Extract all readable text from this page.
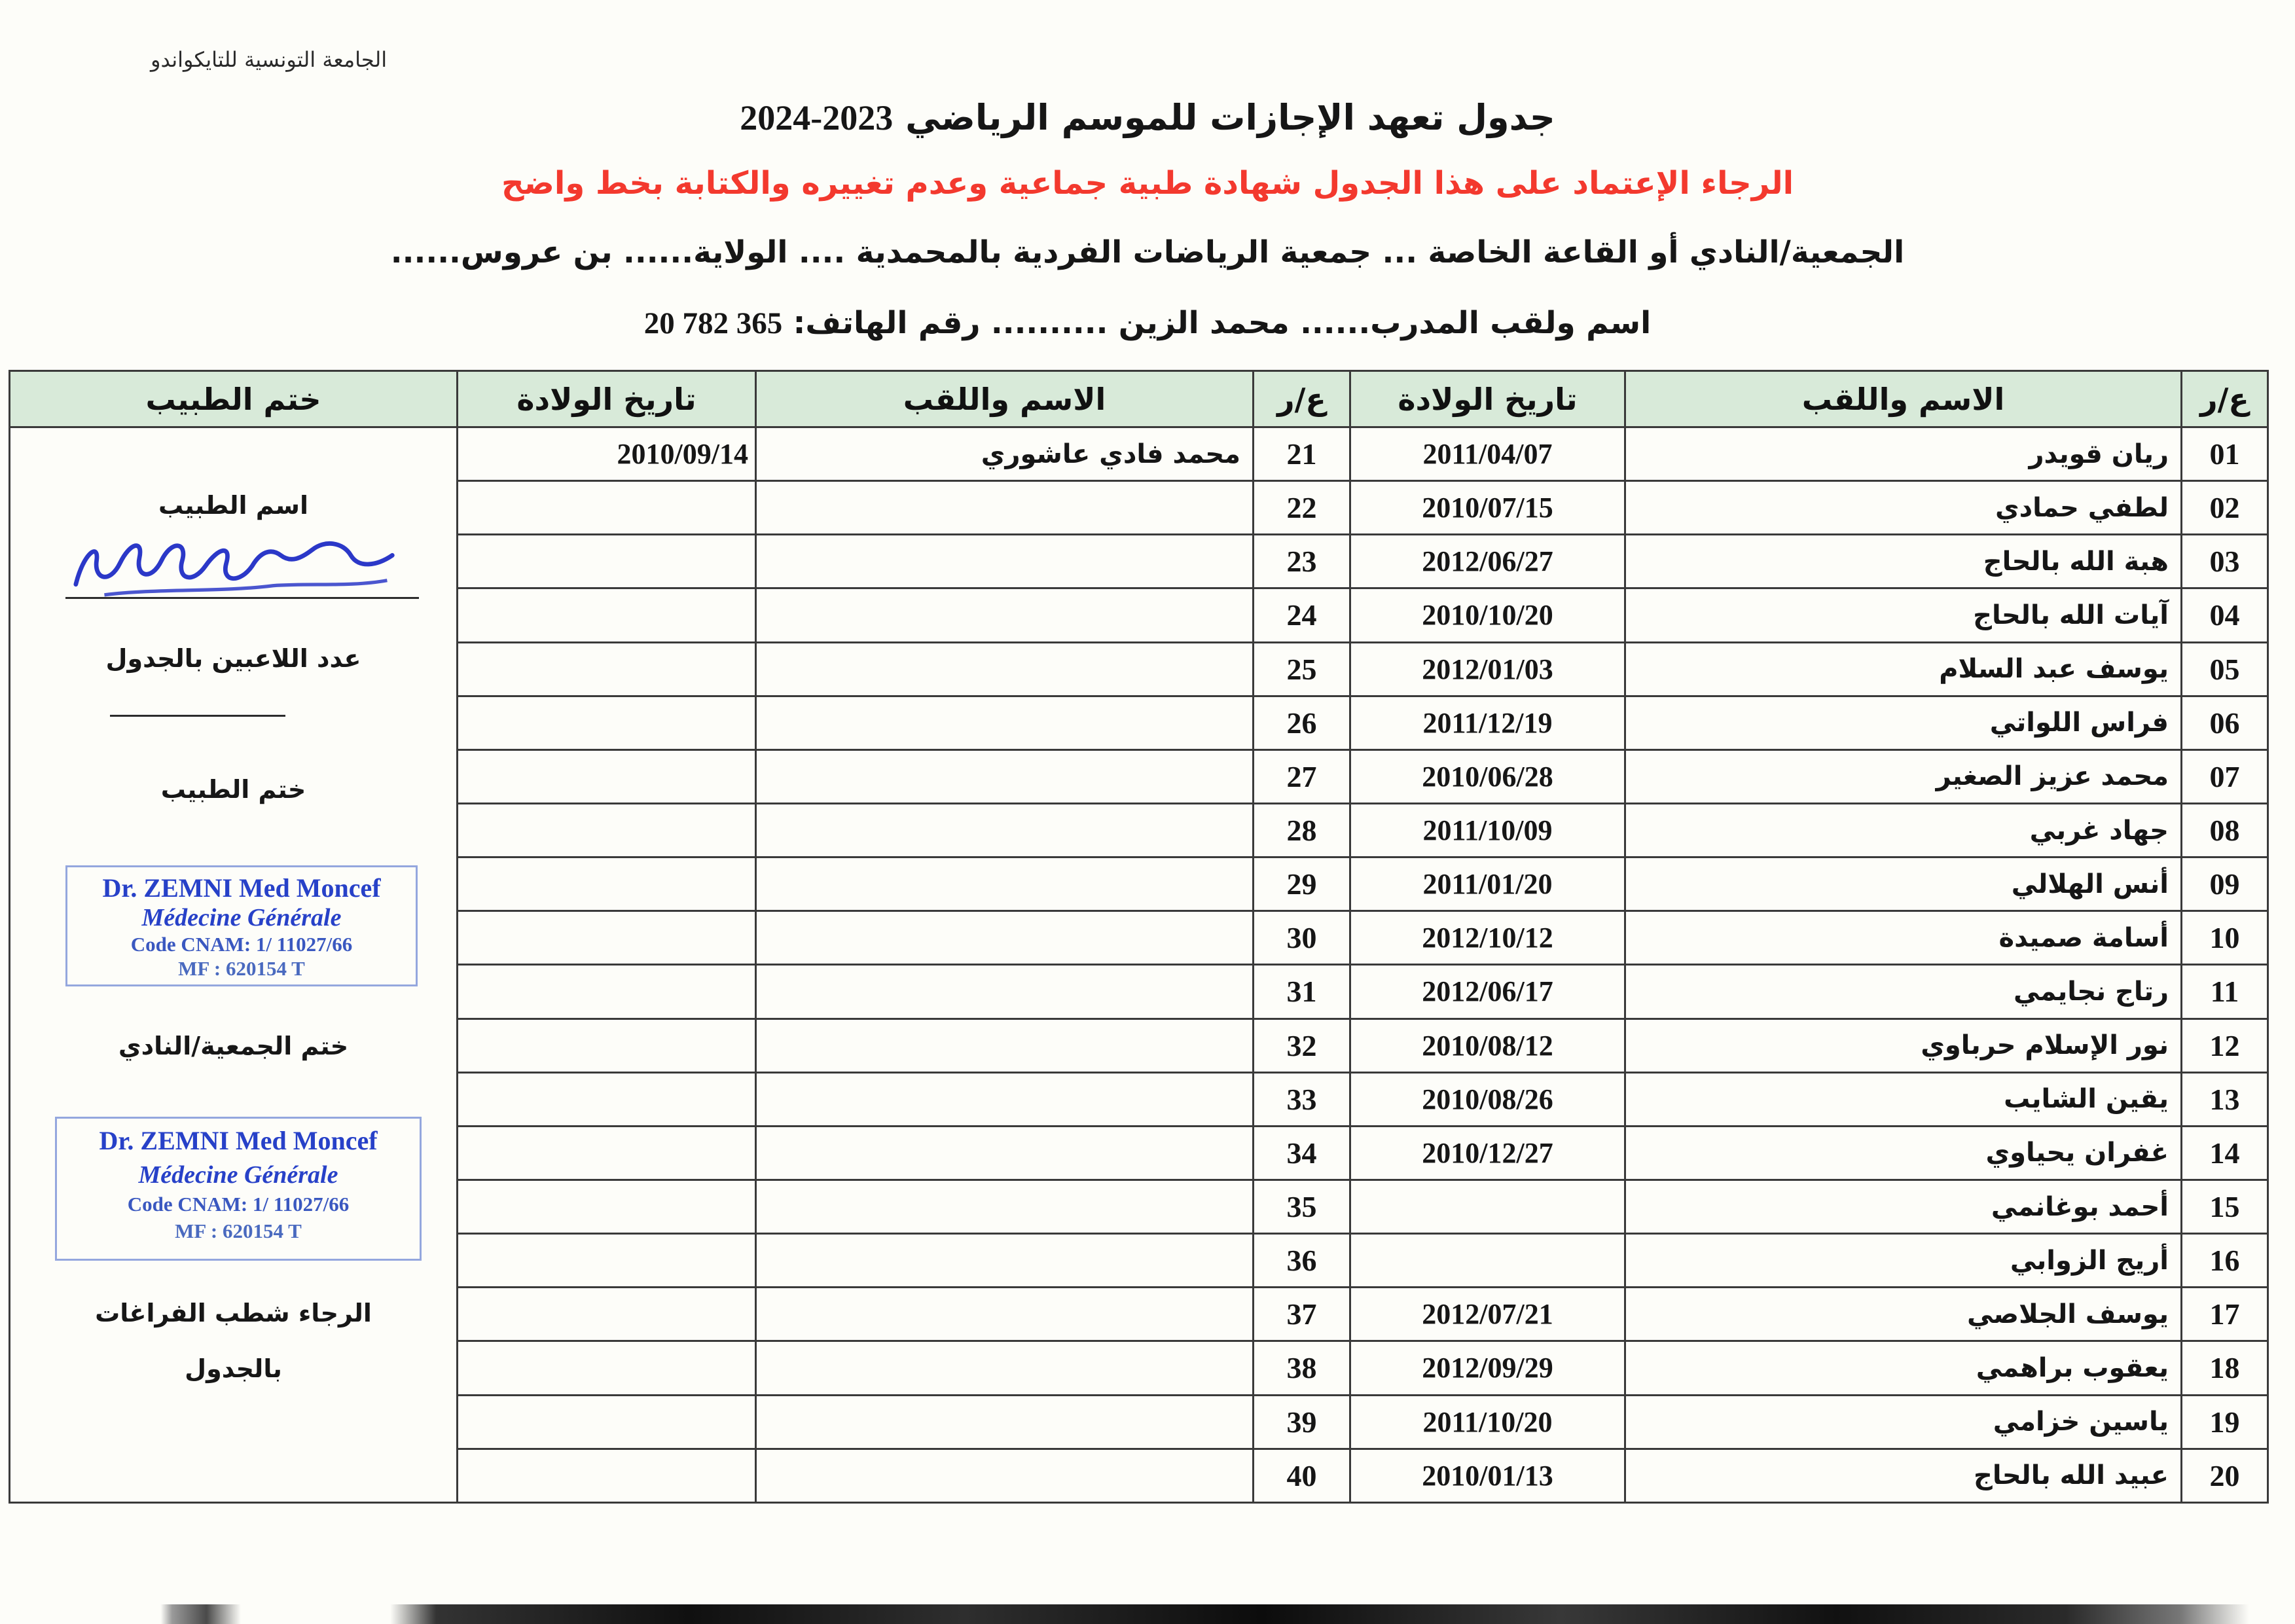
الجامعة التونسية للتايكواندو
جدول تعهد الإجازات للموسم الرياضي 2024-2023
الرجاء الإعتماد على هذا الجدول شهادة طبية جماعية وعدم تغييره والكتابة بخط واضح
الجمعية/النادي أو القاعة الخاصة ... جمعية الرياضات الفردية بالمحمدية .... الولاية...... بن عروس......
اسم ولقب المدرب...... محمد الزين .......... رقم الهاتف: 20 782 365
ع/ر	الاسم واللقب	تاريخ الولادة	ع/ر	الاسم واللقب	تاريخ الولادة	ختم الطبيب
01	ريان قويدر	2011/04/07	21	محمد فادي عاشوري	2010/09/14	
اسم الطبيب
عدد اللاعبين بالجدول
ختم الطبيب
Dr. ZEMNI Med Moncef
Médecine Générale
Code CNAM: 1/ 11027/66
MF : 620154 T
ختم الجمعية/النادي
Dr. ZEMNI Med Moncef
Médecine Générale
Code CNAM: 1/ 11027/66
MF : 620154 T
الرجاء شطب الفراغات
بالجدول

02	لطفي حمادي	2010/07/15	22			
03	هبة الله بالحاج	2012/06/27	23			
04	آيات الله بالحاج	2010/10/20	24			
05	يوسف عبد السلام	2012/01/03	25			
06	فراس اللواتي	2011/12/19	26			
07	محمد عزيز الصغير	2010/06/28	27			
08	جهاد غربي	2011/10/09	28			
09	أنس الهلالي	2011/01/20	29			
10	أسامة صميدة	2012/10/12	30			
11	رتاج نجايمي	2012/06/17	31			
12	نور الإسلام حرباوي	2010/08/12	32			
13	يقين الشايب	2010/08/26	33			
14	غفران يحياوي	2010/12/27	34			
15	أحمد بوغانمي		35			
16	أريج الزوابي		36			
17	يوسف الجلاصي	2012/07/21	37			
18	يعقوب براهمي	2012/09/29	38			
19	ياسين خزامي	2011/10/20	39			
20	عبيد الله بالحاج	2010/01/13	40			
